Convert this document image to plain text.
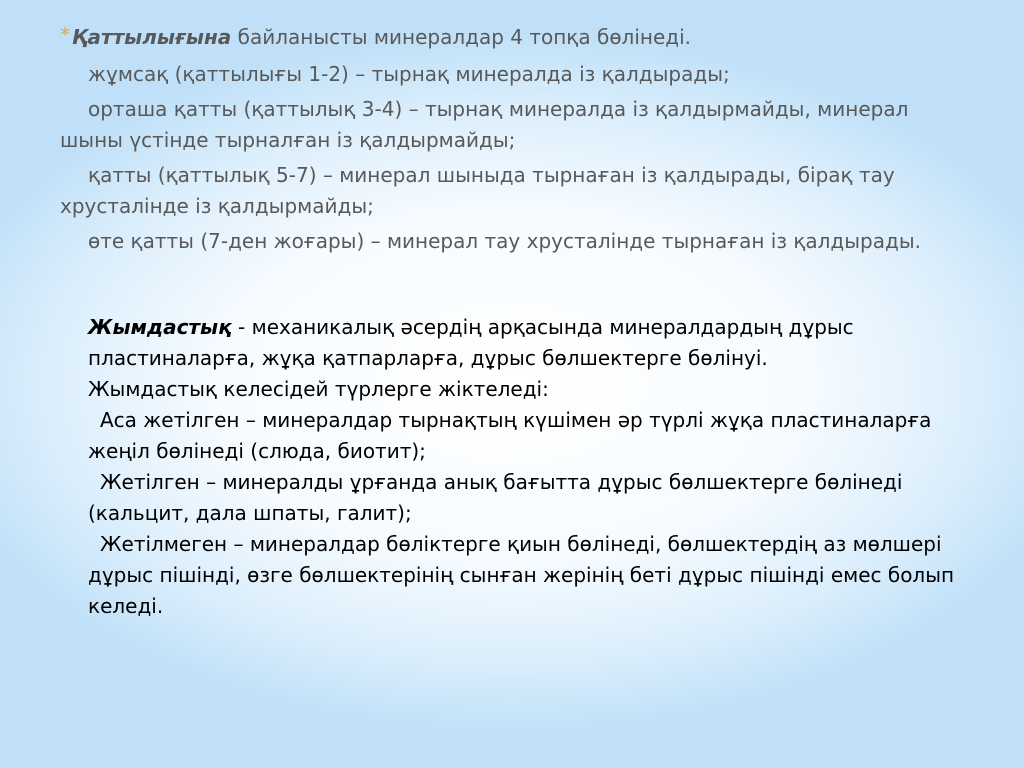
* Қаттылығына байланысты минералдар 4 топқа бөлінеді.

жұмсақ (қаттылығы 1-2) – тырнақ минералда із қалдырады;

орташа қатты (қаттылық 3-4) – тырнақ минералда із қалдырмайды, минерал шыны үстінде тырналған із қалдырмайды;

қатты (қаттылық 5-7) – минерал шыныда тырнаған із қалдырады, бірақ тау хрусталінде із қалдырмайды;

өте қатты (7-ден жоғары) – минерал тау хрусталінде тырнаған із қалдырады.

Жымдастық - механикалық әсердің арқасында минералдардың дұрыс пластиналарға, жұқа қатпарларға, дұрыс бөлшектерге бөлінуі.

Жымдастық келесідей түрлерге жіктеледі:

Аса жетілген – минералдар тырнақтың күшімен әр түрлі жұқа пластиналарға жеңіл бөлінеді (слюда, биотит);

Жетілген – минералды ұрғанда анық бағытта дұрыс бөлшектерге бөлінеді (кальцит, дала шпаты, галит);

Жетілмеген – минералдар бөліктерге қиын бөлінеді, бөлшектердің аз мөлшері дұрыс пішінді, өзге бөлшектерінің сынған жерінің беті дұрыс пішінді емес болып келеді.
